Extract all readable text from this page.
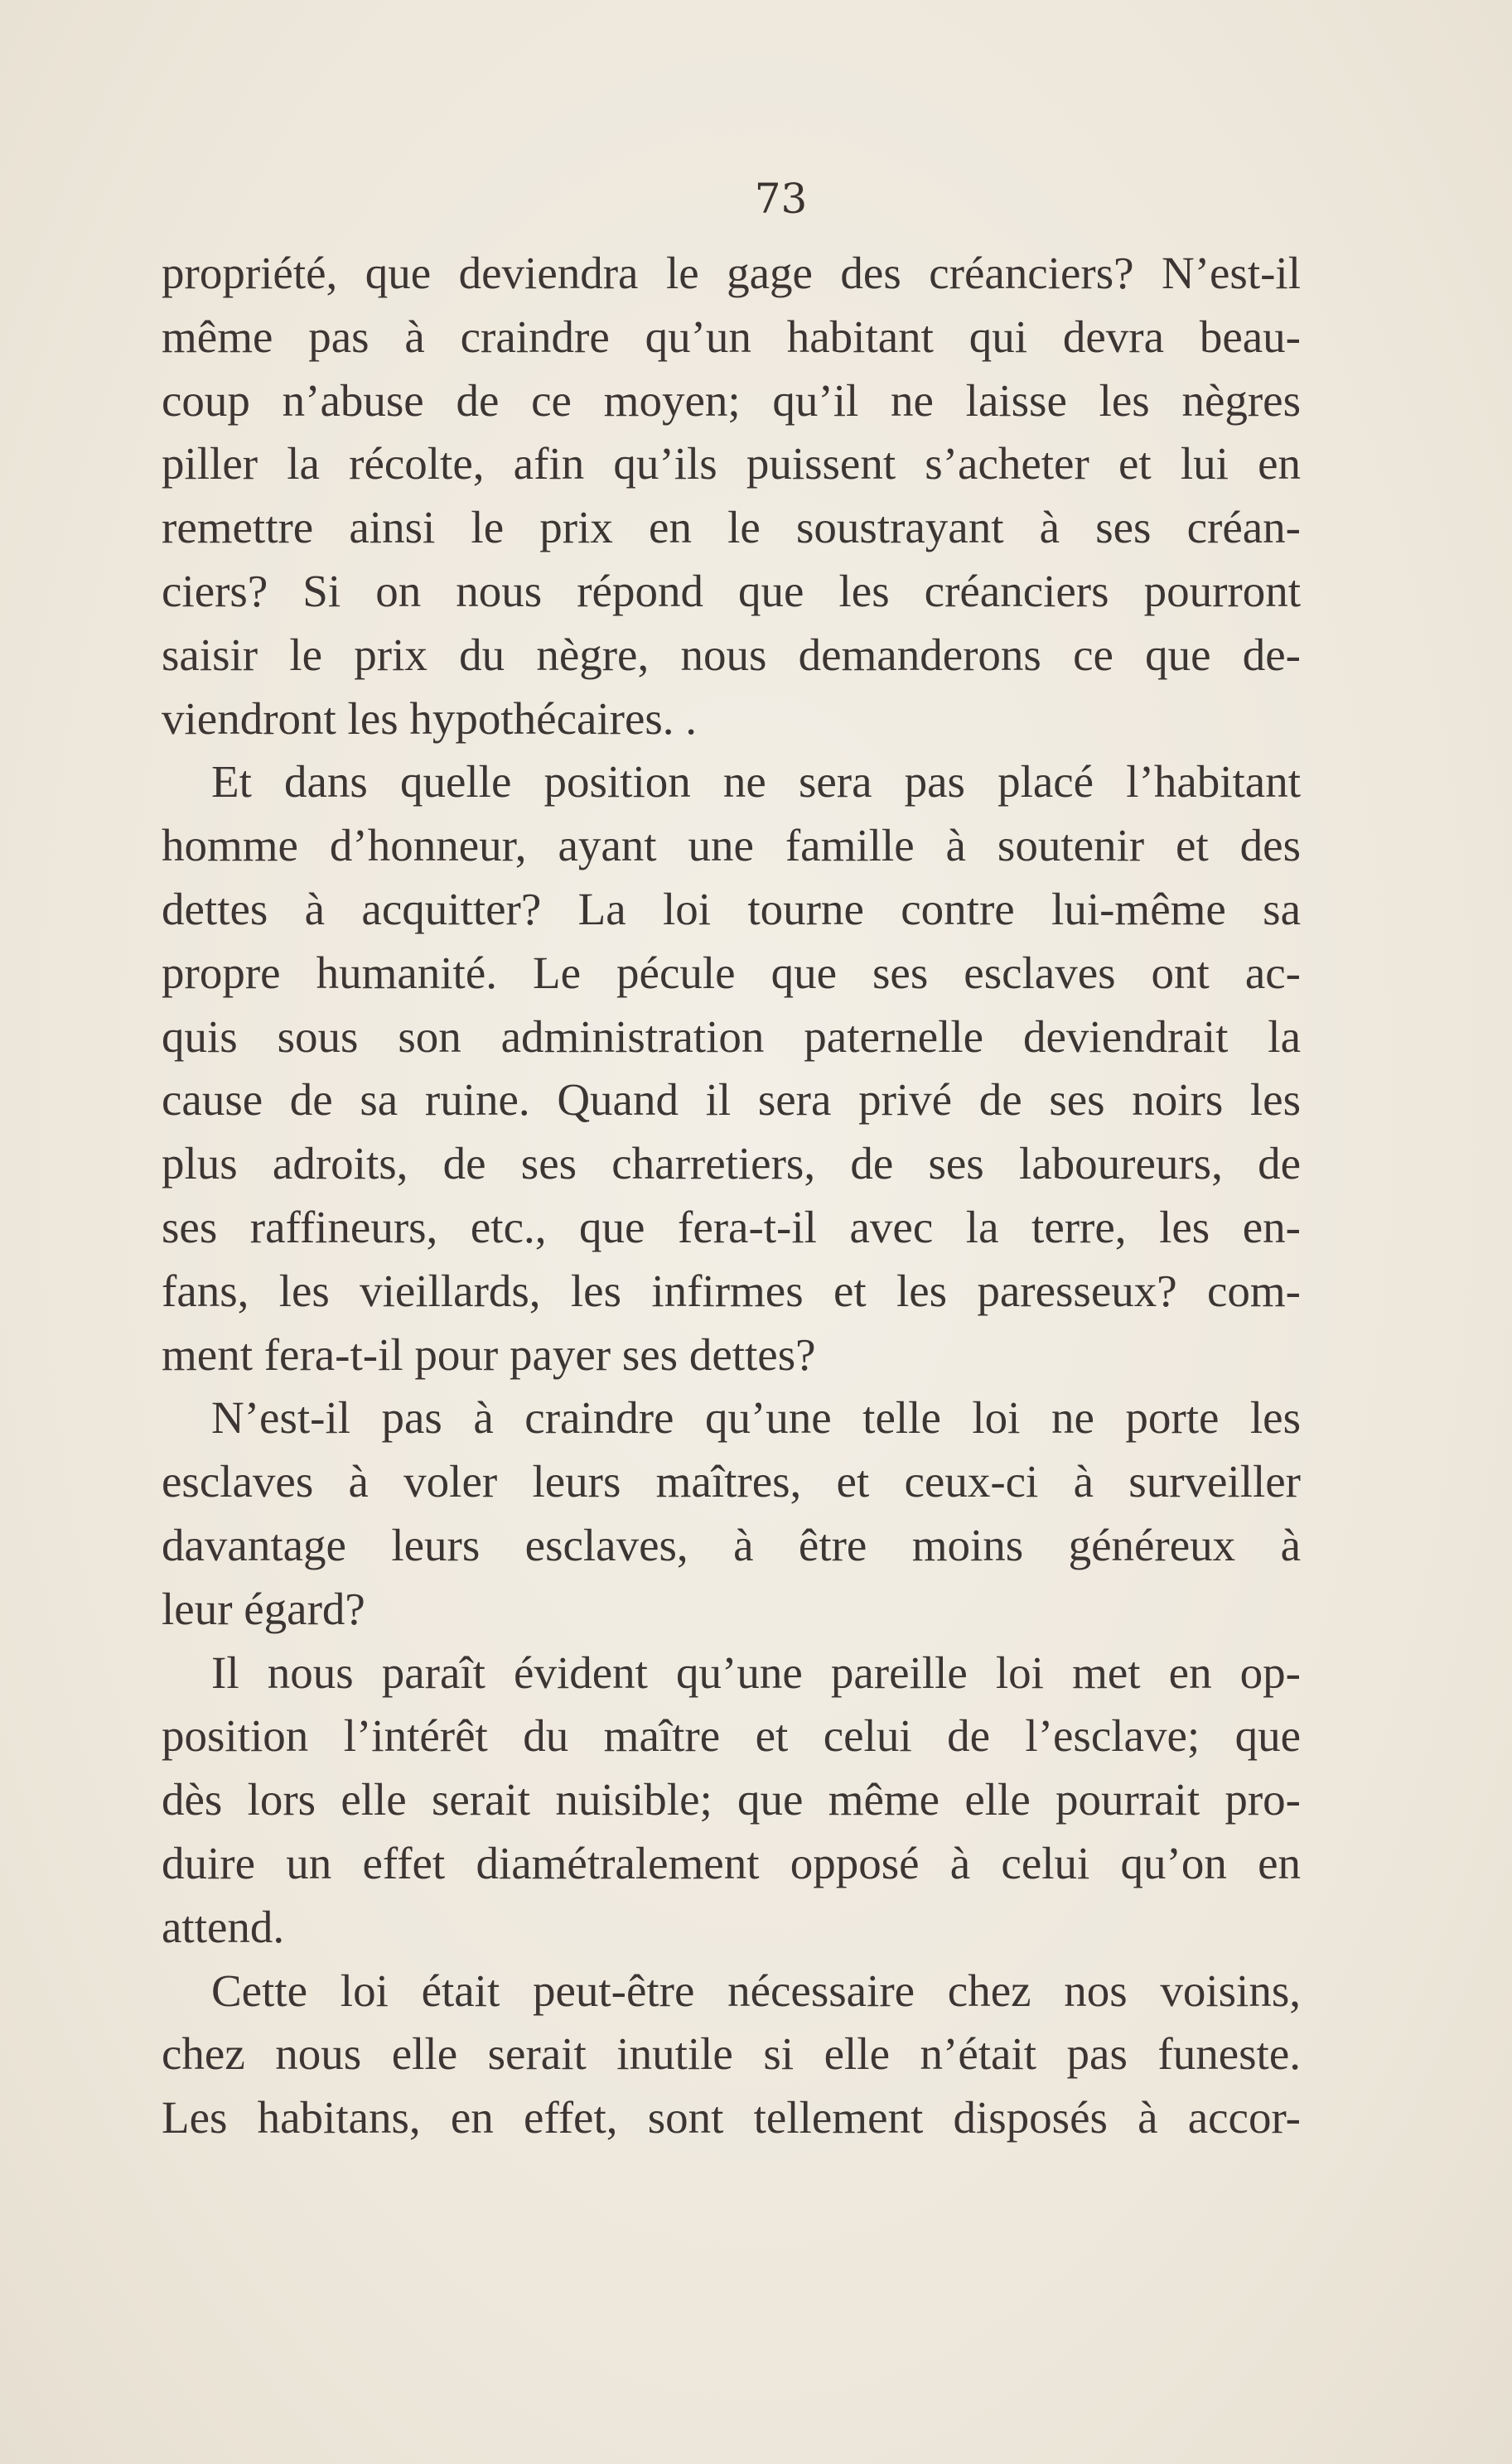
73
propriété, que deviendra le gage des créanciers? N’est-il
même pas à craindre qu’un habitant qui devra beau-
coup n’abuse de ce moyen; qu’il ne laisse les nègres
piller la récolte, afin qu’ils puissent s’acheter et lui en
remettre ainsi le prix en le soustrayant à ses créan-
ciers? Si on nous répond que les créanciers pourront
saisir le prix du nègre, nous demanderons ce que de-
viendront les hypothécaires. .
Et dans quelle position ne sera pas placé l’habitant
homme d’honneur, ayant une famille à soutenir et des
dettes à acquitter? La loi tourne contre lui-même sa
propre humanité. Le pécule que ses esclaves ont ac-
quis sous son administration paternelle deviendrait la
cause de sa ruine. Quand il sera privé de ses noirs les
plus adroits, de ses charretiers, de ses laboureurs, de
ses raffineurs, etc., que fera-t-il avec la terre, les en-
fans, les vieillards, les infirmes et les paresseux? com-
ment fera-t-il pour payer ses dettes?
N’est-il pas à craindre qu’une telle loi ne porte les
esclaves à voler leurs maîtres, et ceux-ci à surveiller
davantage leurs esclaves, à être moins généreux à
leur égard?
Il nous paraît évident qu’une pareille loi met en op-
position l’intérêt du maître et celui de l’esclave; que
dès lors elle serait nuisible; que même elle pourrait pro-
duire un effet diamétralement opposé à celui qu’on en
attend.
Cette loi était peut-être nécessaire chez nos voisins,
chez nous elle serait inutile si elle n’était pas funeste.
Les habitans, en effet, sont tellement disposés à accor-
